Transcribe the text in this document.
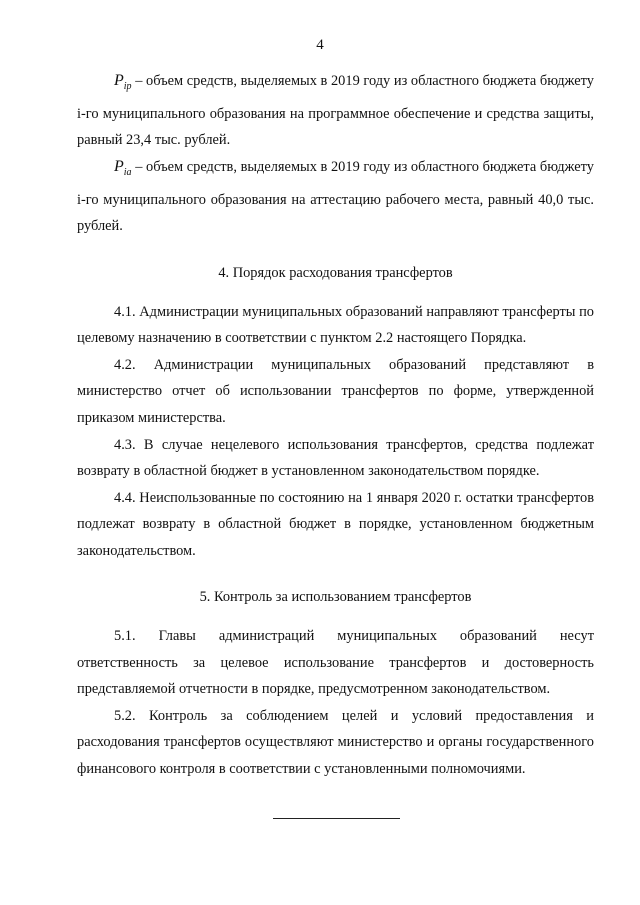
4

$P_{ip}$ – объем средств, выделяемых в 2019 году из областного бюджета бюджету i-го муниципального образования на программное обеспечение и средства защиты, равный 23,4 тыс. рублей.

$P_{ia}$ – объем средств, выделяемых в 2019 году из областного бюджета бюджету i-го муниципального образования на аттестацию рабочего места, равный 40,0 тыс. рублей.

4. Порядок расходования трансфертов

4.1. Администрации муниципальных образований направляют трансферты по целевому назначению в соответствии с пунктом 2.2 настоящего Порядка.

4.2. Администрации муниципальных образований представляют в министерство отчет об использовании трансфертов по форме, утвержденной приказом министерства.

4.3. В случае нецелевого использования трансфертов, средства подлежат возврату в областной бюджет в установленном законодательством порядке.

4.4. Неиспользованные по состоянию на 1 января 2020 г. остатки трансфертов подлежат возврату в областной бюджет в порядке, установленном бюджетным законодательством.

5. Контроль за использованием трансфертов

5.1. Главы администраций муниципальных образований несут ответственность за целевое использование трансфертов и достоверность представляемой отчетности в порядке, предусмотренном законодательством.

5.2. Контроль за соблюдением целей и условий предоставления и расходования трансфертов осуществляют министерство и органы государственного финансового контроля в соответствии с установленными полномочиями.
